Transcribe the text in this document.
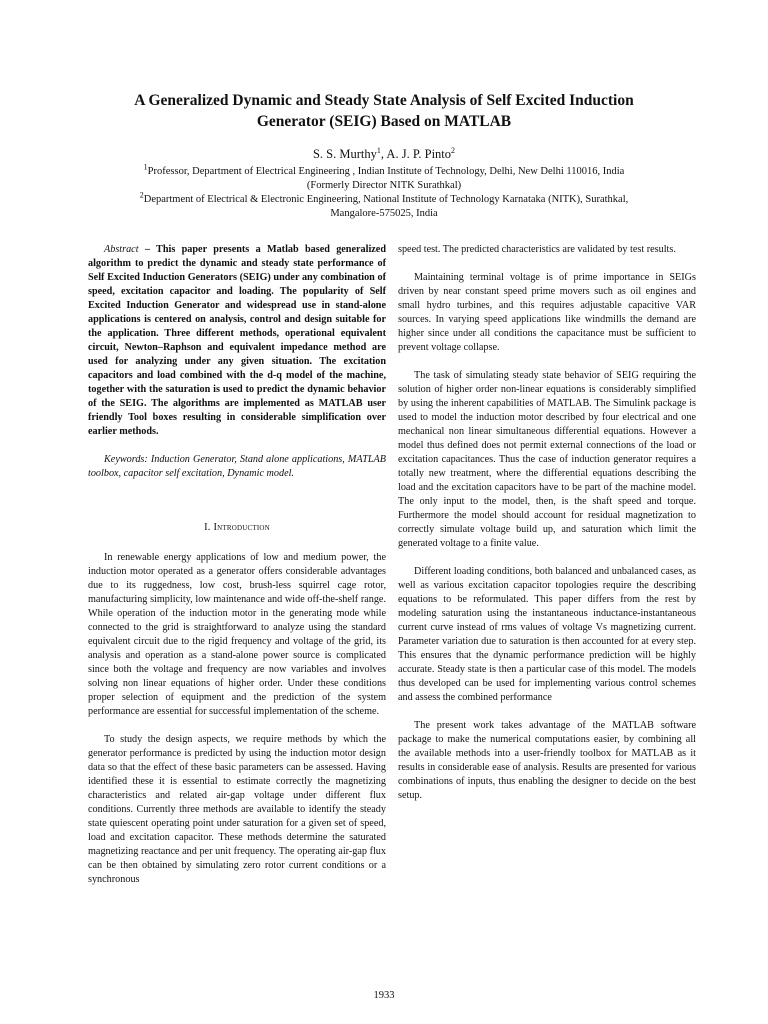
A Generalized Dynamic and Steady State Analysis of Self Excited Induction
Generator (SEIG) Based on MATLAB
S. S. Murthy$^1$, A. J. P. Pinto$^2$
$^1$Professor, Department of Electrical Engineering , Indian Institute of Technology, Delhi, New Delhi 110016, India
(Formerly Director NITK Surathkal)
$^2$Department of Electrical & Electronic Engineering, National Institute of Technology Karnataka (NITK), Surathkal,
Mangalore-575025, India
Abstract – This paper presents a Matlab based generalized algorithm to predict the dynamic and steady state performance of Self Excited Induction Generators (SEIG) under any combination of speed, excitation capacitor and loading. The popularity of Self Excited Induction Generator and widespread use in stand-alone applications is centered on analysis, control and design suitable for the application. Three different methods, operational equivalent circuit, Newton–Raphson and equivalent impedance method are used for analyzing under any given situation. The excitation capacitors and load combined with the d-q model of the machine, together with the saturation is used to predict the dynamic behavior of the SEIG. The algorithms are implemented as MATLAB user friendly Tool boxes resulting in considerable simplification over earlier methods.
Keywords: Induction Generator, Stand alone applications, MATLAB toolbox, capacitor self excitation, Dynamic model.
I. Introduction

In renewable energy applications of low and medium power, the induction motor operated as a generator offers considerable advantages due to its ruggedness, low cost, brush-less squirrel cage rotor, manufacturing simplicity, low maintenance and wide off-the-shelf range. While operation of the induction motor in the generating mode while connected to the grid is straightforward to analyze using the standard equivalent circuit due to the rigid frequency and voltage of the grid, its analysis and operation as a stand-alone power source is complicated since both the voltage and frequency are now variables and involves solving non linear equations of higher order. Under these conditions proper selection of equipment and the prediction of the system performance are essential for successful implementation of the scheme.

To study the design aspects, we require methods by which the generator performance is predicted by using the induction motor design data so that the effect of these basic parameters can be assessed. Having identified these it is essential to estimate correctly the magnetizing characteristics and related air-gap voltage under different flux conditions. Currently three methods are available to identify the steady state quiescent operating point under saturation for a given set of speed, load and excitation capacitor. These methods determine the saturated magnetizing reactance and per unit frequency. The operating air-gap flux can be then obtained by simulating zero rotor current conditions or a synchronous

speed test. The predicted characteristics are validated by test results.

Maintaining terminal voltage is of prime importance in SEIGs driven by near constant speed prime movers such as oil engines and small hydro turbines, and this requires adjustable capacitive VAR sources. In varying speed applications like windmills the demand are higher since under all conditions the capacitance must be sufficient to prevent voltage collapse.

The task of simulating steady state behavior of SEIG requiring the solution of higher order non-linear equations is considerably simplified by using the inherent capabilities of MATLAB. The Simulink package is used to model the induction motor described by four electrical and one mechanical non linear simultaneous differential equations. However a model thus defined does not permit external connections of the load or excitation capacitances. Thus the case of induction generator requires a totally new treatment, where the differential equations describing the load and the excitation capacitors have to be part of the machine model. The only input to the model, then, is the shaft speed and torque. Furthermore the model should account for residual magnetization to correctly simulate voltage build up, and saturation which limit the generated voltage to a finite value.

Different loading conditions, both balanced and unbalanced cases, as well as various excitation capacitor topologies require the describing equations to be reformulated. This paper differs from the rest by modeling saturation using the instantaneous inductance-instantaneous current curve instead of rms values of voltage Vs magnetizing current. Parameter variation due to saturation is then accounted for at every step. This ensures that the dynamic performance prediction will be highly accurate. Steady state is then a particular case of this model. The models thus developed can be used for implementing various control schemes and assess the combined performance

The present work takes advantage of the MATLAB software package to make the numerical computations easier, by combining all the available methods into a user-friendly toolbox for MATLAB as it results in considerable ease of analysis. Results are presented for various combinations of inputs, thus enabling the designer to decide on the best setup.

1933
